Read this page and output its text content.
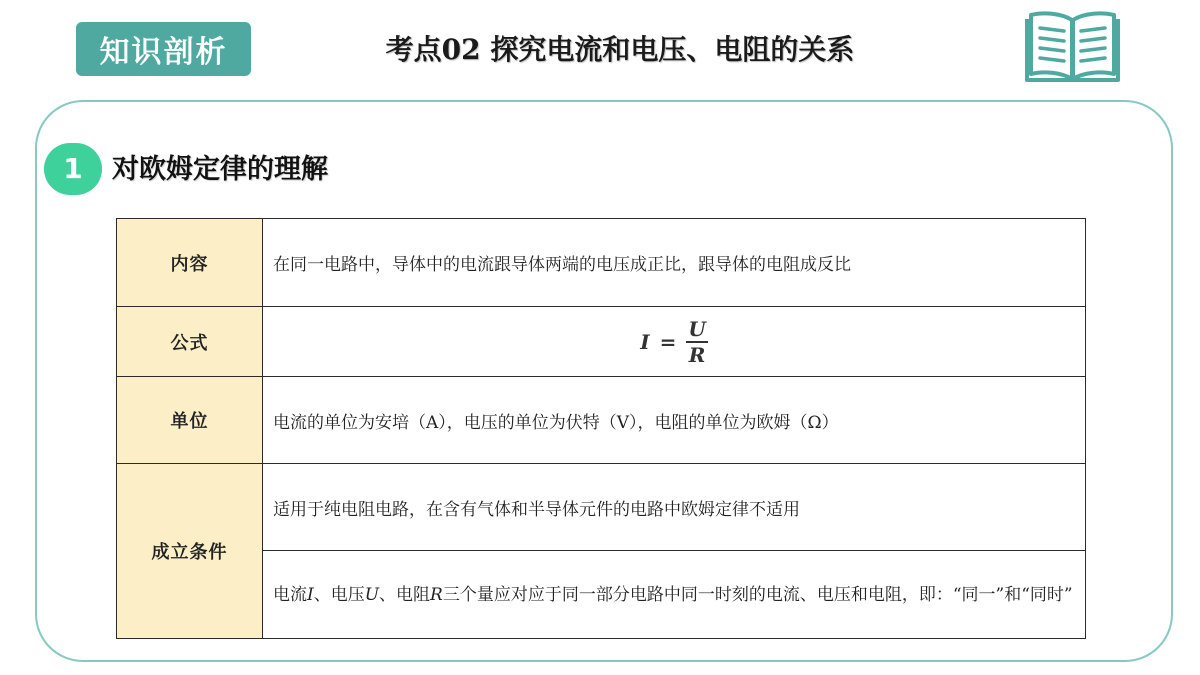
知识剖析	考点02 探究电流和电压、电阻的关系
1	对欧姆定律的理解
内容	在同一电路中，导体中的电流跟导体两端的电压成正比，跟导体的电阻成反比
公式	$I = \frac{U}{R}$

单位	电流的单位为安培（A），电压的单位为伏特（V），电阻的单位为欧姆（Ω）
成立条件	适用于纯电阻电路，在含有气体和半导体元件的电路中欧姆定律不适用
	电流I、电压U、电阻R三个量应对应于同一部分电路中同一时刻的电流、电压和电阻，即：“同一”和“同时”
